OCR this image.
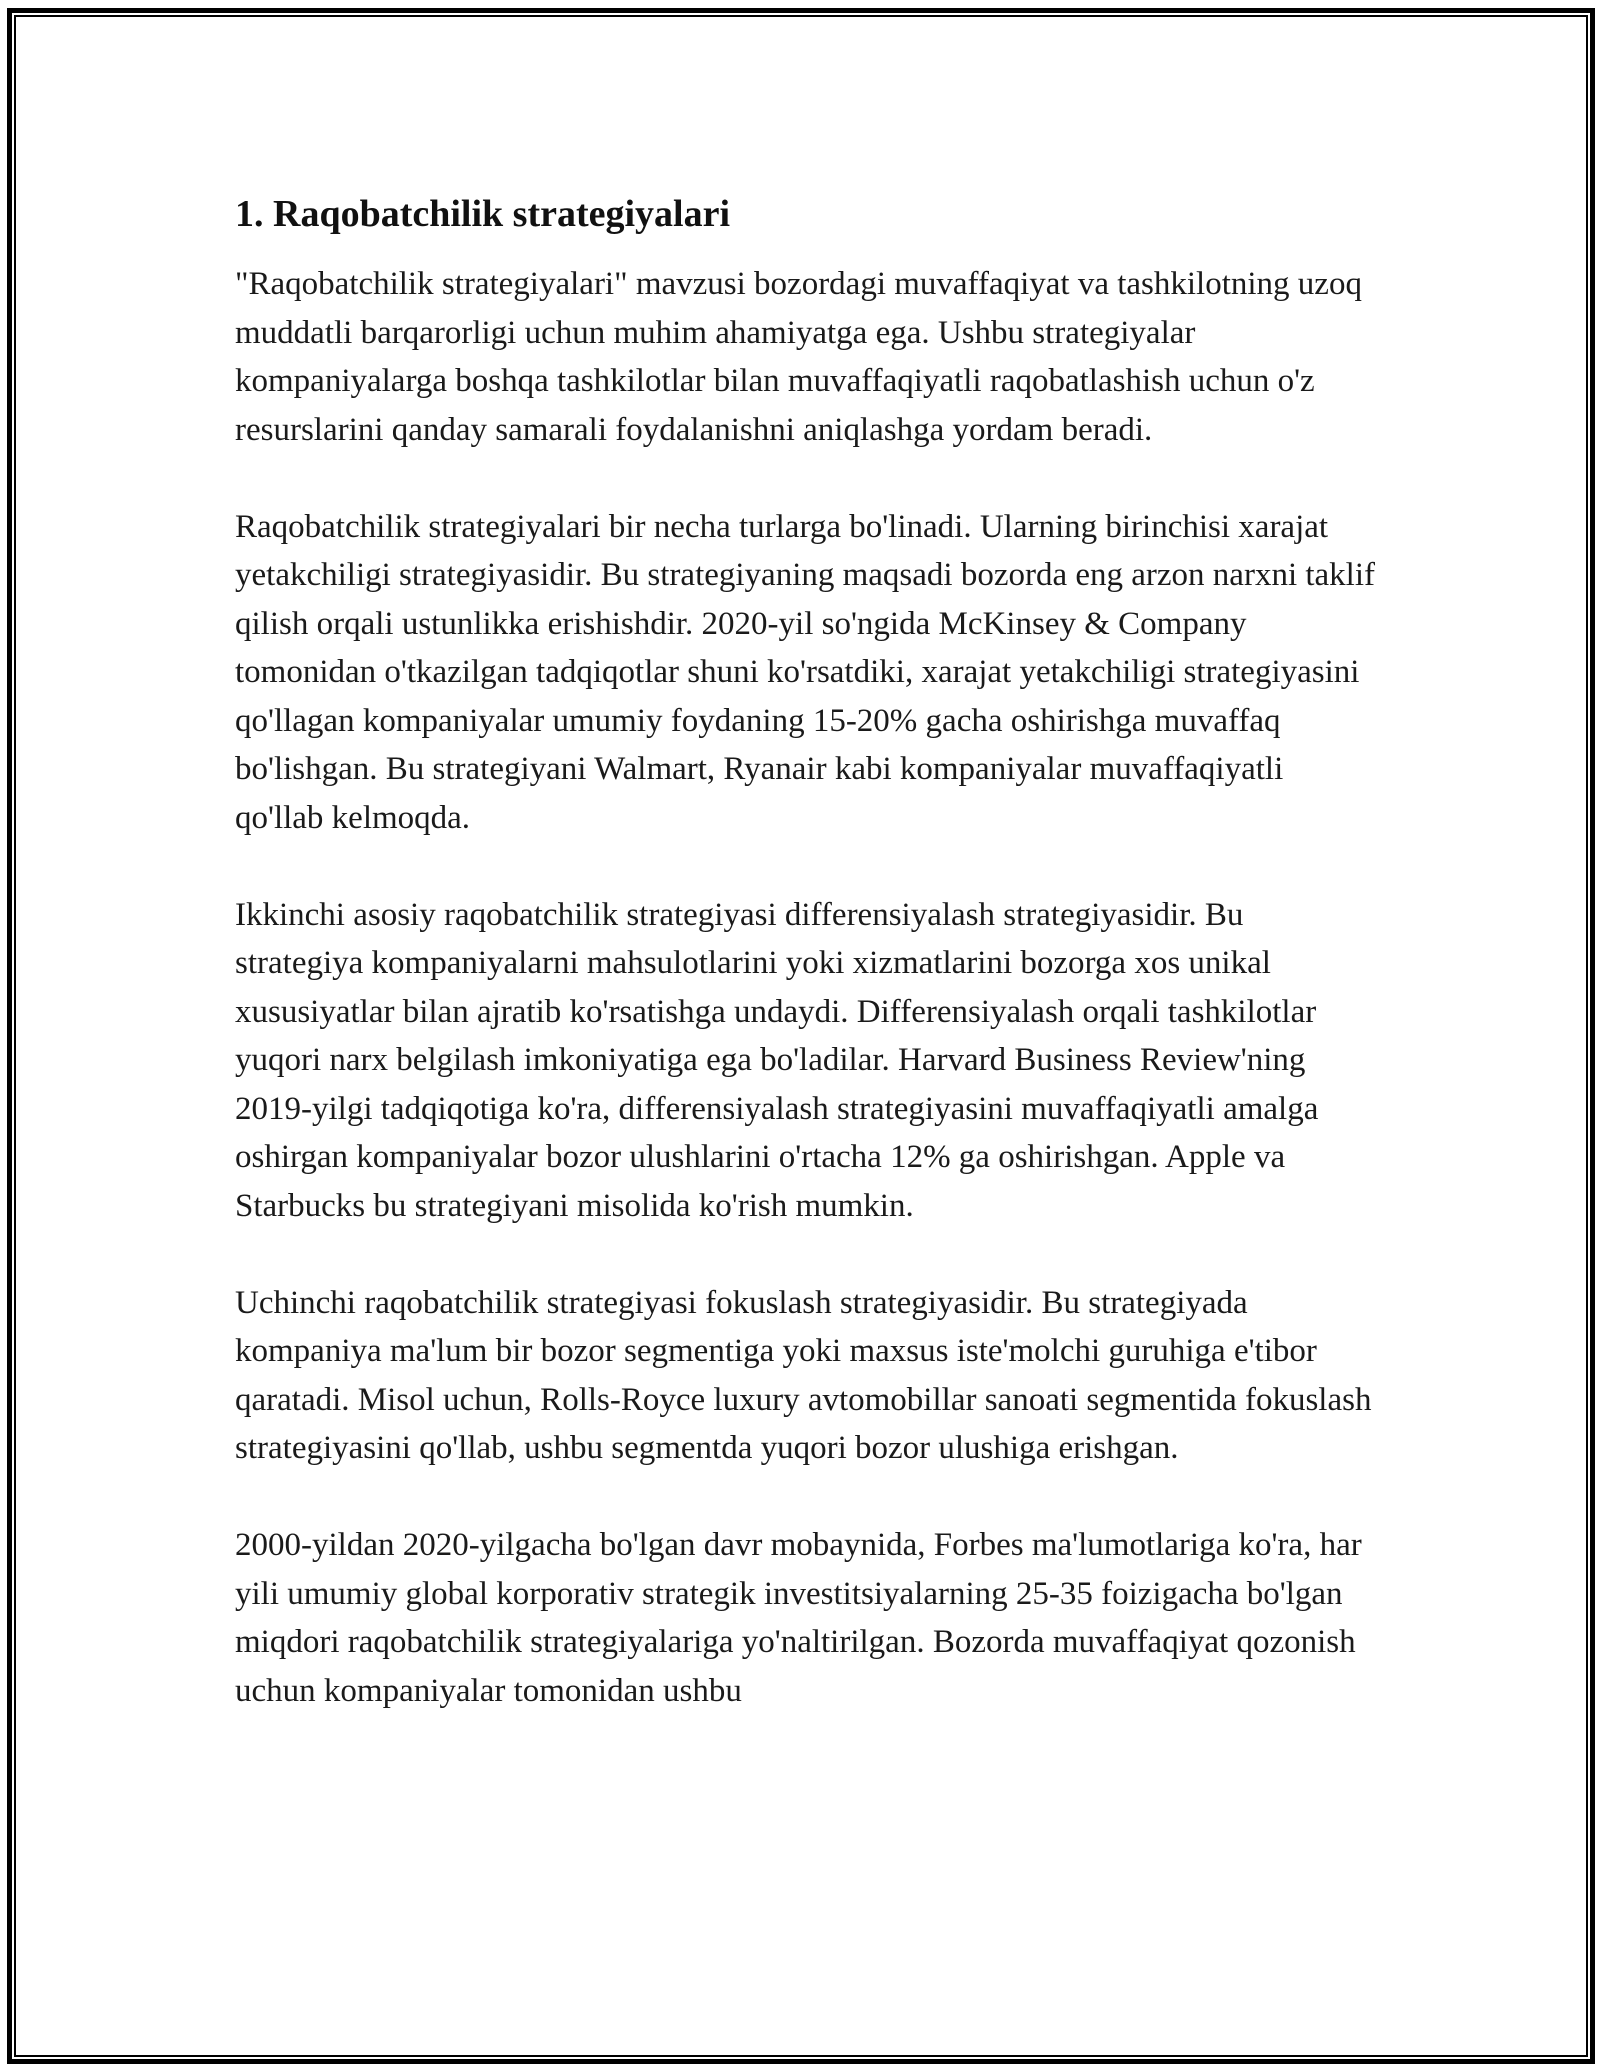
1. Raqobatchilik strategiyalari

"Raqobatchilik strategiyalari" mavzusi bozordagi muvaffaqiyat va tashkilotning uzoq muddatli barqarorligi uchun muhim ahamiyatga ega. Ushbu strategiyalar kompaniyalarga boshqa tashkilotlar bilan muvaffaqiyatli raqobatlashish uchun o'z resurslarini qanday samarali foydalanishni aniqlashga yordam beradi.

Raqobatchilik strategiyalari bir necha turlarga bo'linadi. Ularning birinchisi xarajat yetakchiligi strategiyasidir. Bu strategiyaning maqsadi bozorda eng arzon narxni taklif qilish orqali ustunlikka erishishdir. 2020-yil so'ngida McKinsey & Company tomonidan o'tkazilgan tadqiqotlar shuni ko'rsatdiki, xarajat yetakchiligi strategiyasini qo'llagan kompaniyalar umumiy foydaning 15-20% gacha oshirishga muvaffaq bo'lishgan. Bu strategiyani Walmart, Ryanair kabi kompaniyalar muvaffaqiyatli qo'llab kelmoqda.

Ikkinchi asosiy raqobatchilik strategiyasi differensiyalash strategiyasidir. Bu strategiya kompaniyalarni mahsulotlarini yoki xizmatlarini bozorga xos unikal xususiyatlar bilan ajratib ko'rsatishga undaydi. Differensiyalash orqali tashkilotlar yuqori narx belgilash imkoniyatiga ega bo'ladilar. Harvard Business Review'ning 2019-yilgi tadqiqotiga ko'ra, differensiyalash strategiyasini muvaffaqiyatli amalga oshirgan kompaniyalar bozor ulushlarini o'rtacha 12% ga oshirishgan. Apple va Starbucks bu strategiyani misolida ko'rish mumkin.

Uchinchi raqobatchilik strategiyasi fokuslash strategiyasidir. Bu strategiyada kompaniya ma'lum bir bozor segmentiga yoki maxsus iste'molchi guruhiga e'tibor qaratadi. Misol uchun, Rolls-Royce luxury avtomobillar sanoati segmentida fokuslash strategiyasini qo'llab, ushbu segmentda yuqori bozor ulushiga erishgan.

2000-yildan 2020-yilgacha bo'lgan davr mobaynida, Forbes ma'lumotlariga ko'ra, har yili umumiy global korporativ strategik investitsiyalarning 25-35 foizigacha bo'lgan miqdori raqobatchilik strategiyalariga yo'naltirilgan. Bozorda muvaffaqiyat qozonish uchun kompaniyalar tomonidan ushbu
